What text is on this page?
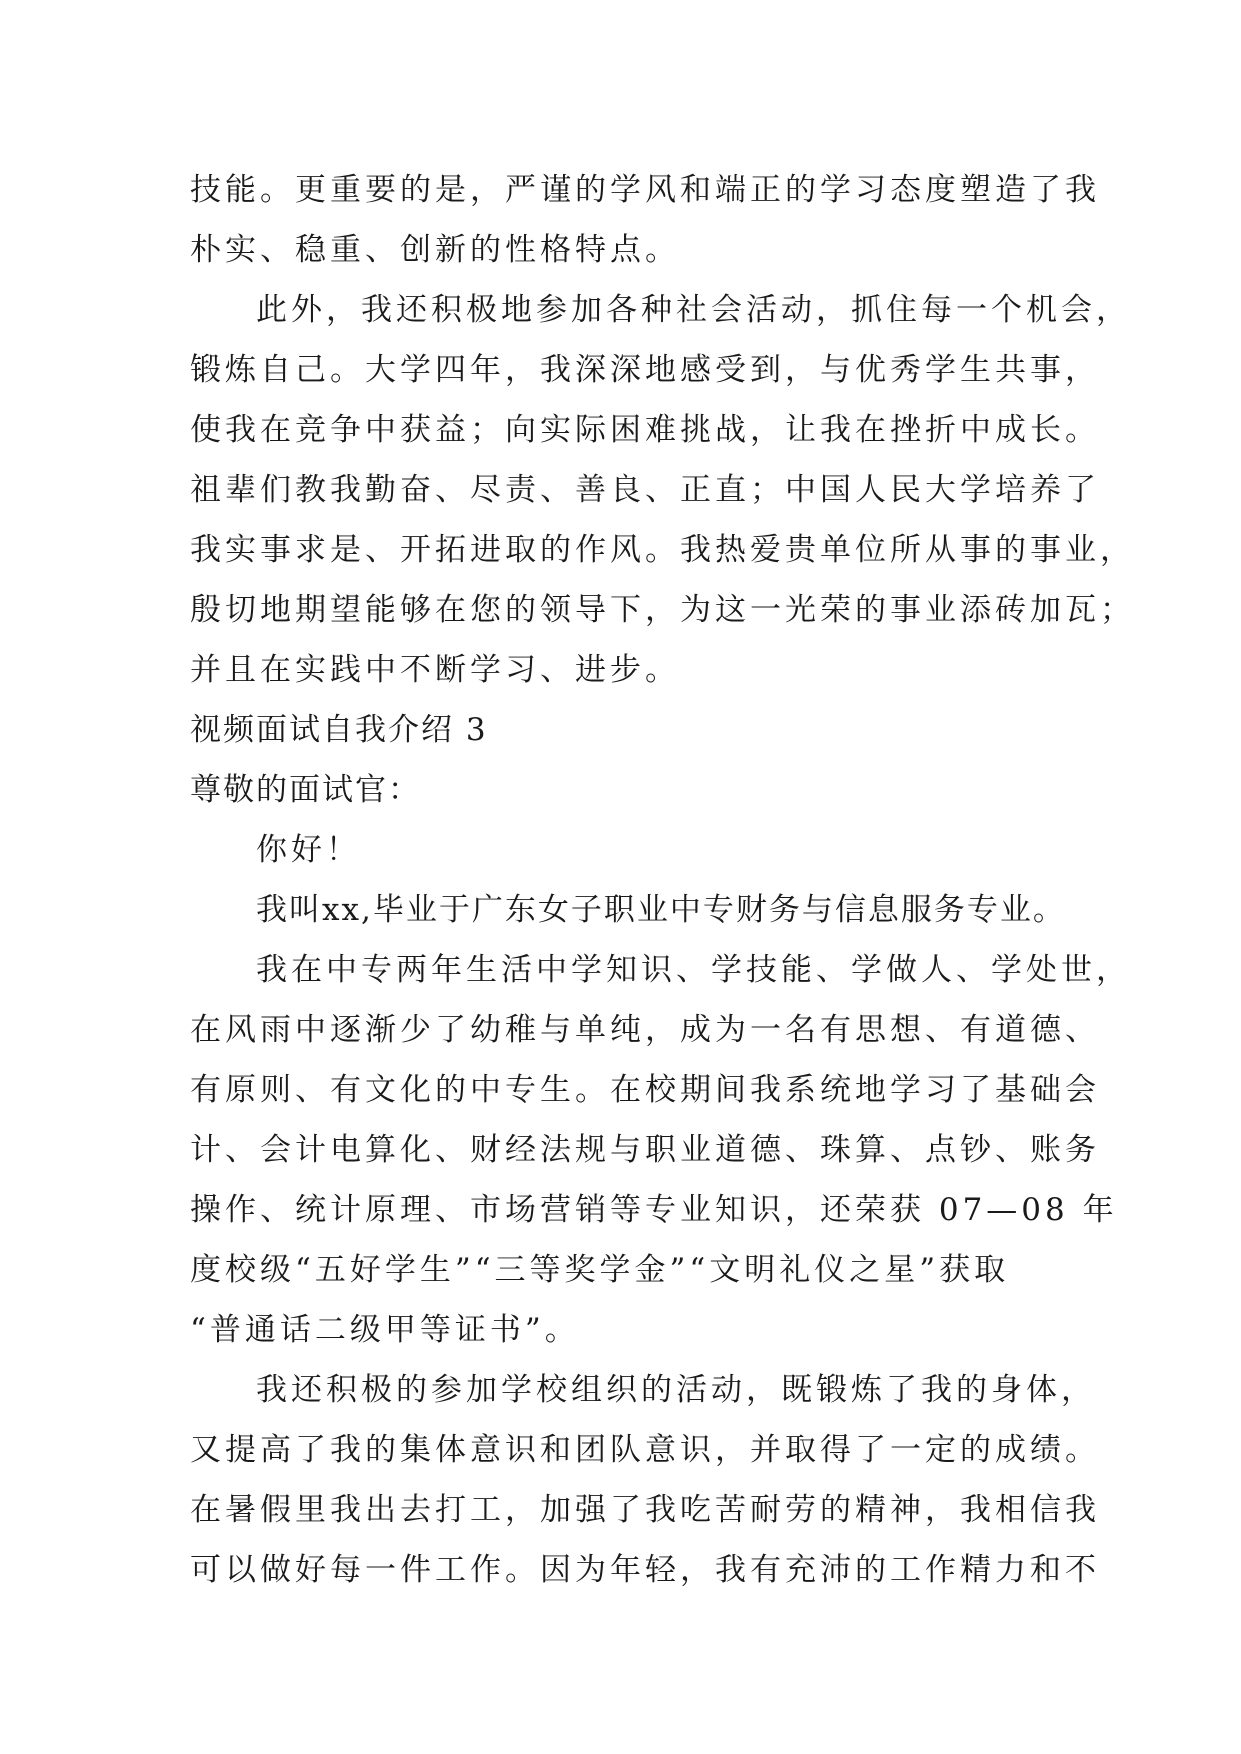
技能。更重要的是，严谨的学风和端正的学习态度塑造了我
朴实、稳重、创新的性格特点。
此外，我还积极地参加各种社会活动，抓住每一个机会，
锻炼自己。大学四年，我深深地感受到，与优秀学生共事，
使我在竞争中获益；向实际困难挑战，让我在挫折中成长。
祖辈们教我勤奋、尽责、善良、正直；中国人民大学培养了
我实事求是、开拓进取的作风。我热爱贵单位所从事的事业，
殷切地期望能够在您的领导下，为这一光荣的事业添砖加瓦；
并且在实践中不断学习、进步。
视频面试自我介绍 3
尊敬的面试官：
你好！
我叫xx,毕业于广东女子职业中专财务与信息服务专业。
我在中专两年生活中学知识、学技能、学做人、学处世，
在风雨中逐渐少了幼稚与单纯，成为一名有思想、有道德、
有原则、有文化的中专生。在校期间我系统地学习了基础会
计、会计电算化、财经法规与职业道德、珠算、点钞、账务
操作、统计原理、市场营销等专业知识，还荣获 07—08 年
度校级“五好学生”“三等奖学金”“文明礼仪之星”获取
“普通话二级甲等证书”。
我还积极的参加学校组织的活动，既锻炼了我的身体，
又提高了我的集体意识和团队意识，并取得了一定的成绩。
在暑假里我出去打工，加强了我吃苦耐劳的精神，我相信我
可以做好每一件工作。因为年轻，我有充沛的工作精力和不
